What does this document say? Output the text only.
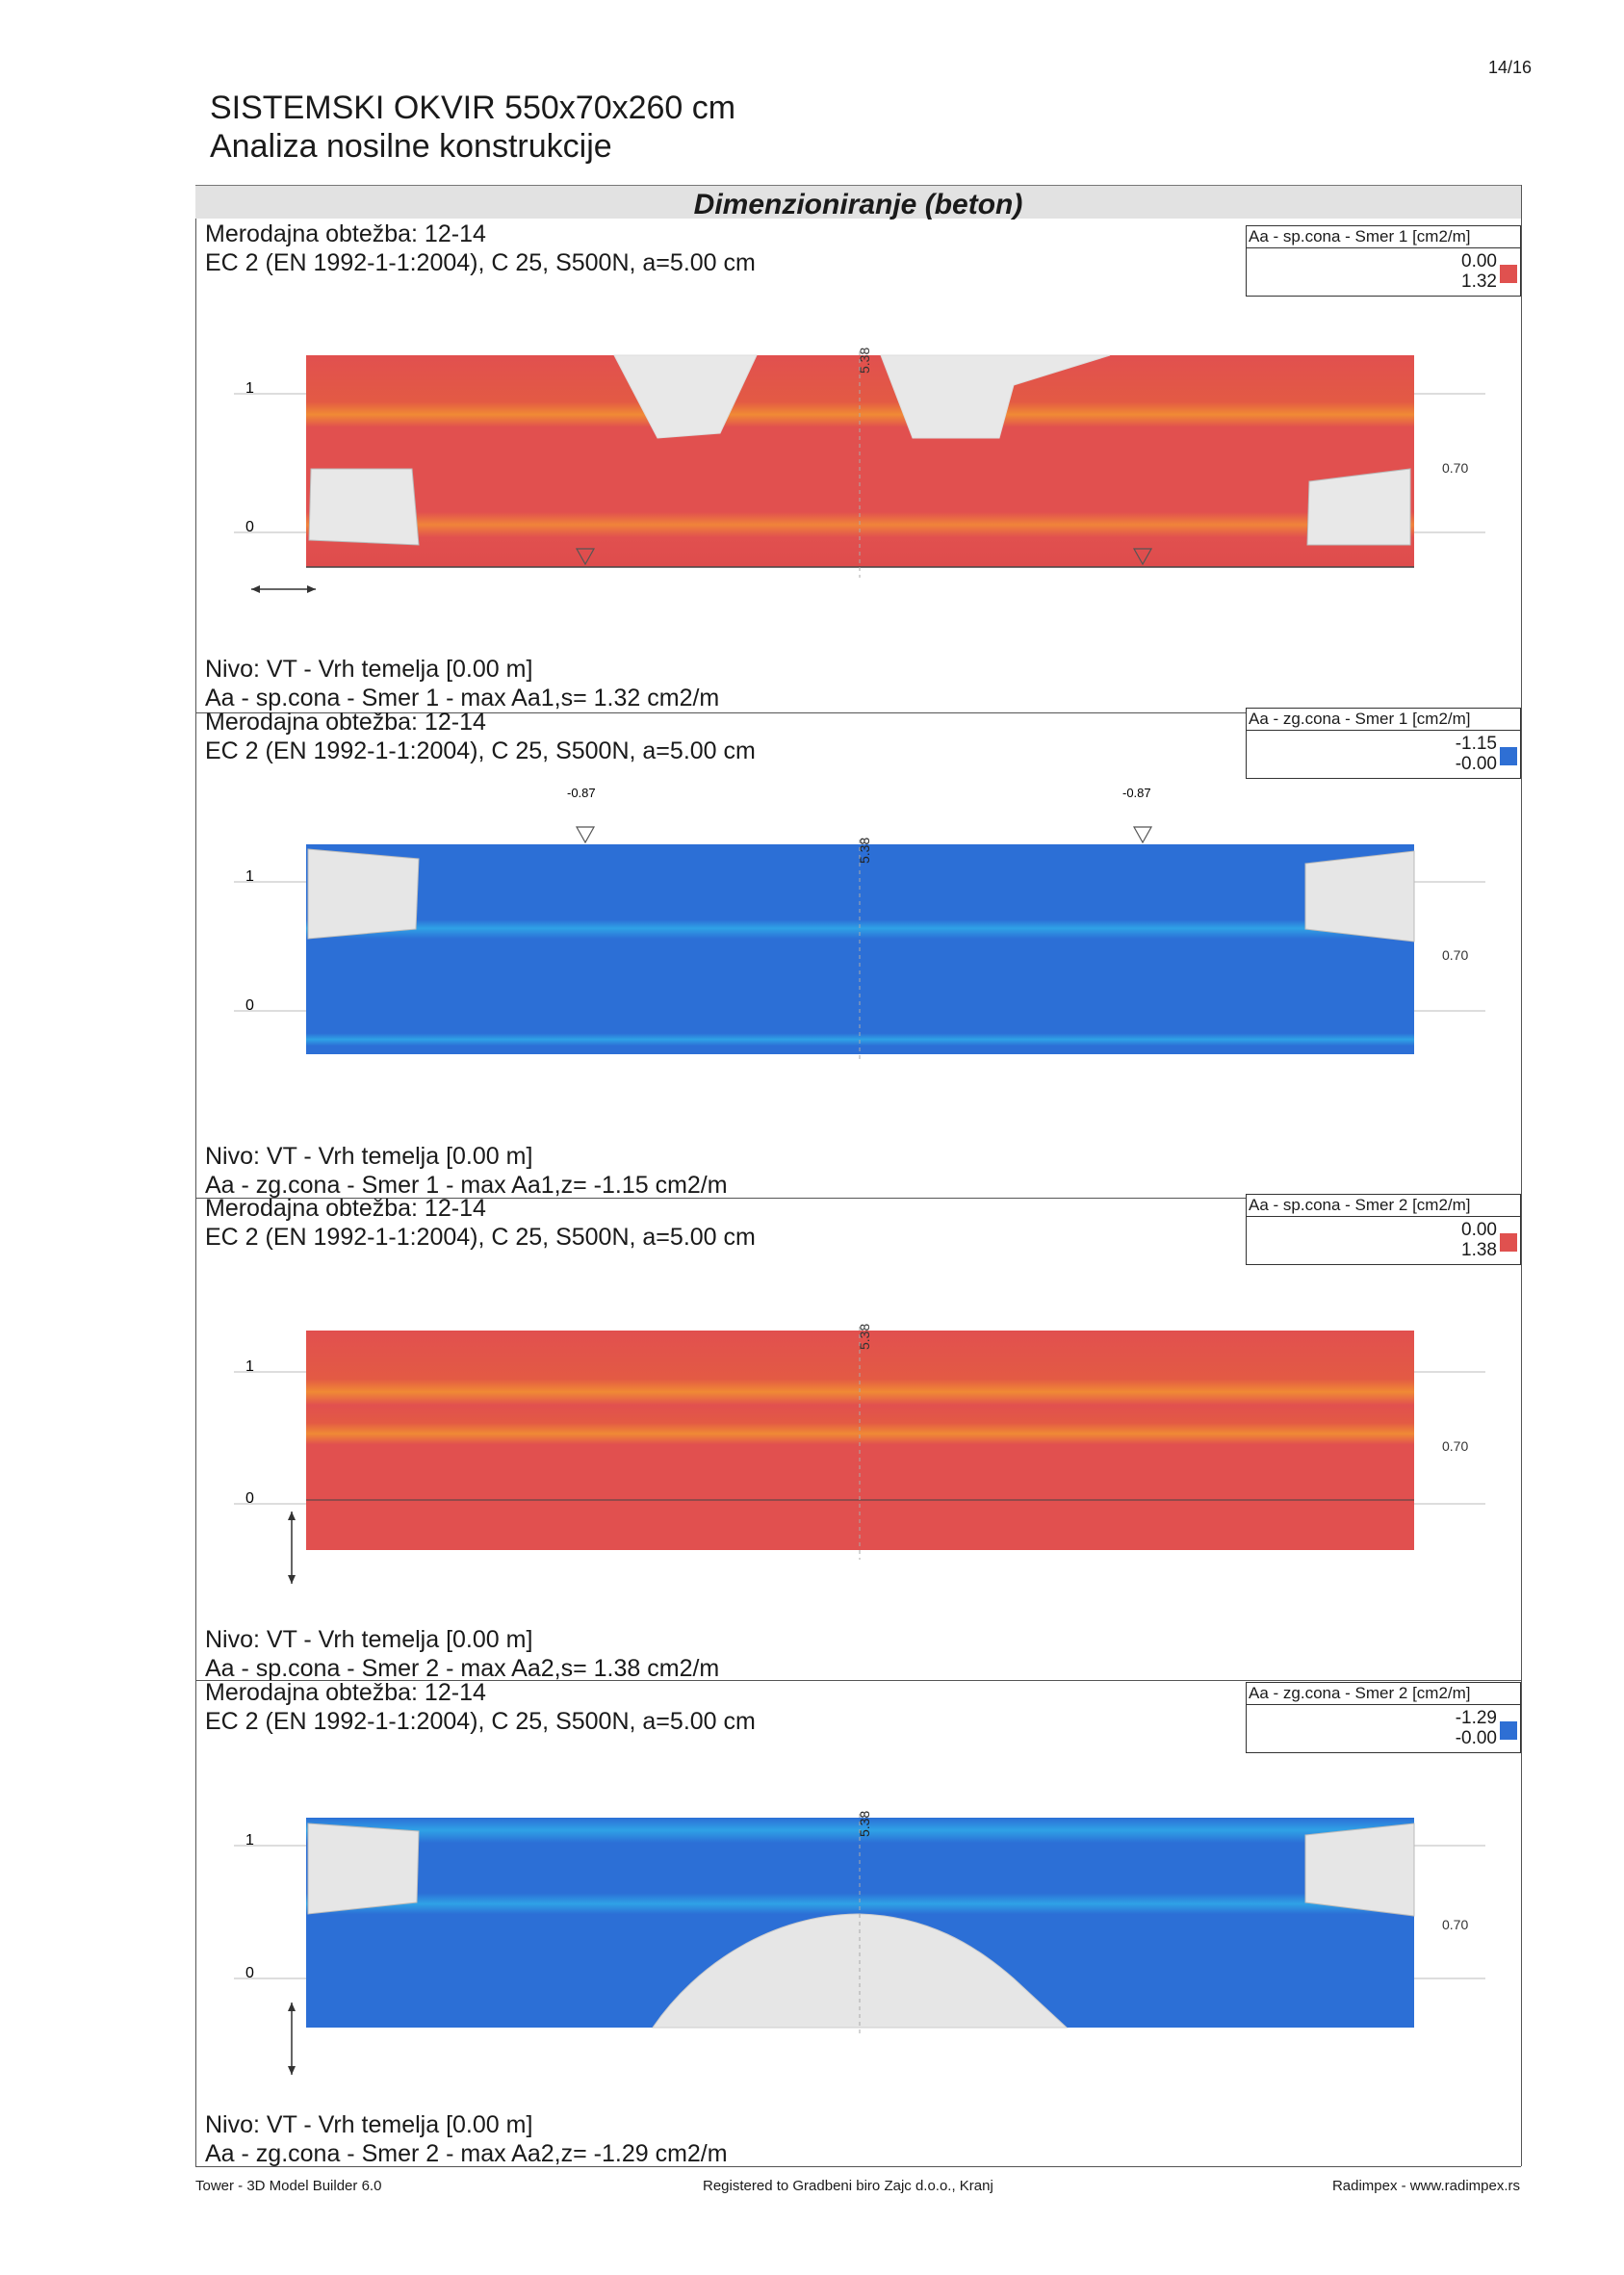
14/16
SISTEMSKI OKVIR 550x70x260 cm
Analiza nosilne konstrukcije
Dimenzioniranje (beton)
Merodajna obtežba: 12-14
EC 2 (EN 1992-1-1:2004), C 25, S500N, a=5.00 cm
Aa - sp.cona - Smer 1 [cm2/m]
0.00
1.32
1
0
5.38
0.70
Nivo: VT - Vrh temelja [0.00 m]
Aa - sp.cona - Smer 1 - max Aa1,s= 1.32 cm2/m
Merodajna obtežba: 12-14
EC 2 (EN 1992-1-1:2004), C 25, S500N, a=5.00 cm
Aa - zg.cona - Smer 1 [cm2/m]
-1.15
-0.00
-0.87	-0.87
1
0
5.38
0.70
Nivo: VT - Vrh temelja [0.00 m]
Aa - zg.cona - Smer 1 - max Aa1,z= -1.15 cm2/m
Merodajna obtežba: 12-14
EC 2 (EN 1992-1-1:2004), C 25, S500N, a=5.00 cm
Aa - sp.cona - Smer 2 [cm2/m]
0.00
1.38
1
0
5.38
0.70
Nivo: VT - Vrh temelja [0.00 m]
Aa - sp.cona - Smer 2 - max Aa2,s= 1.38 cm2/m
Merodajna obtežba: 12-14
EC 2 (EN 1992-1-1:2004), C 25, S500N, a=5.00 cm
Aa - zg.cona - Smer 2 [cm2/m]
-1.29
-0.00
1
0
5.38
0.70
Nivo: VT - Vrh temelja [0.00 m]
Aa - zg.cona - Smer 2 - max Aa2,z= -1.29 cm2/m
Tower - 3D Model Builder 6.0	Registered to Gradbeni biro Zajc d.o.o., Kranj	Radimpex - www.radimpex.rs
